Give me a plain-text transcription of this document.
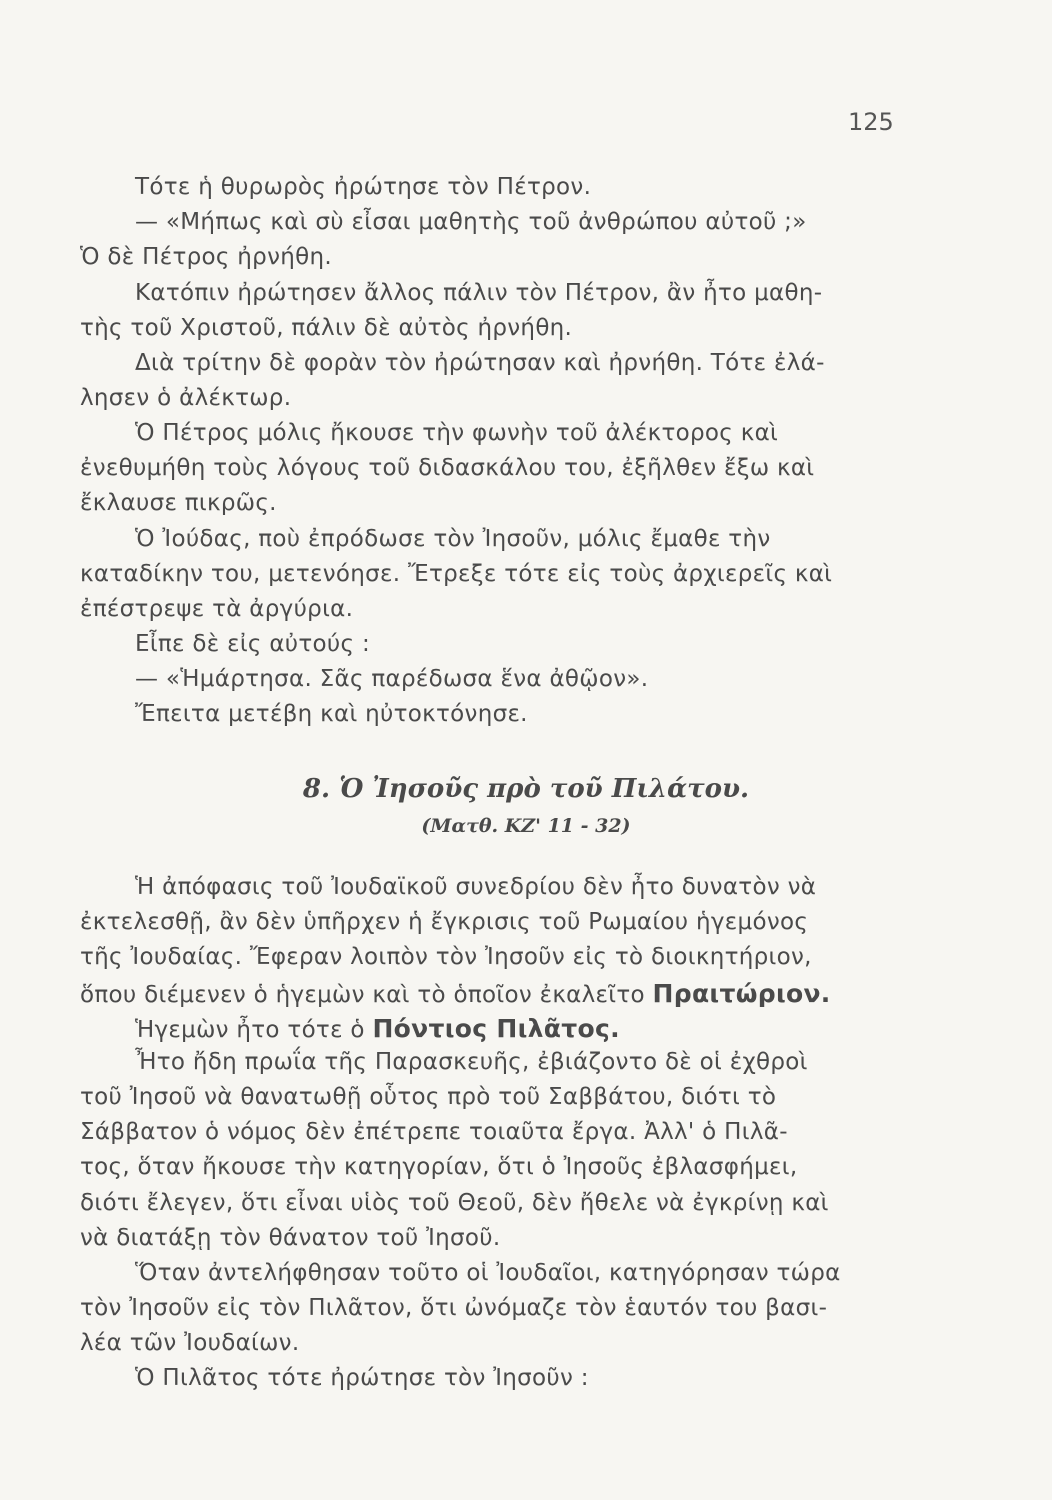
125
Τότε ἡ θυρωρὸς ἠρώτησε τὸν Πέτρον.
— «Μήπως καὶ σὺ εἶσαι μαθητὴς τοῦ ἀνθρώπου αὐτοῦ ;»
Ὁ δὲ Πέτρος ἠρνήθη.
Κατόπιν ἠρώτησεν ἄλλος πάλιν τὸν Πέτρον, ἂν ἦτο μαθη-
τὴς τοῦ Χριστοῦ, πάλιν δὲ αὐτὸς ἠρνήθη.
Διὰ τρίτην δὲ φορὰν τὸν ἠρώτησαν καὶ ἠρνήθη. Τότε ἐλά-
λησεν ὁ ἀλέκτωρ.
Ὁ Πέτρος μόλις ἤκουσε τὴν φωνὴν τοῦ ἀλέκτορος καὶ
ἐνεθυμήθη τοὺς λόγους τοῦ διδασκάλου του, ἐξῆλθεν ἔξω καὶ
ἔκλαυσε πικρῶς.
Ὁ Ἰούδας, ποὺ ἐπρόδωσε τὸν Ἰησοῦν, μόλις ἔμαθε τὴν
καταδίκην του, μετενόησε. Ἔτρεξε τότε εἰς τοὺς ἀρχιερεῖς καὶ
ἐπέστρεψε τὰ ἀργύρια.
Εἶπε δὲ εἰς αὐτούς :
— «Ἡμάρτησα. Σᾶς παρέδωσα ἕνα ἀθῷον».
Ἔπειτα μετέβη καὶ ηὐτοκτόνησε.
8. Ὁ Ἰησοῦς πρὸ τοῦ Πιλάτου.
(Ματθ. ΚΖ' 11 - 32)
Ἡ ἀπόφασις τοῦ Ἰουδαϊκοῦ συνεδρίου δὲν ἦτο δυνατὸν νὰ
ἐκτελεσθῇ, ἂν δὲν ὑπῆρχεν ἡ ἔγκρισις τοῦ Ρωμαίου ἡγεμόνος
τῆς Ἰουδαίας. Ἔφεραν λοιπὸν τὸν Ἰησοῦν εἰς τὸ διοικητήριον,
ὅπου διέμενεν ὁ ἡγεμὼν καὶ τὸ ὁποῖον ἐκαλεῖτο Πραιτώριον.
Ἡγεμὼν ἦτο τότε ὁ Πόντιος Πιλᾶτος.
Ἦτο ἤδη πρωΐα τῆς Παρασκευῆς, ἐβιάζοντο δὲ οἱ ἐχθροὶ
τοῦ Ἰησοῦ νὰ θανατωθῇ οὗτος πρὸ τοῦ Σαββάτου, διότι τὸ
Σάββατον ὁ νόμος δὲν ἐπέτρεπε τοιαῦτα ἔργα. Ἀλλ' ὁ Πιλᾶ-
τος, ὅταν ἤκουσε τὴν κατηγορίαν, ὅτι ὁ Ἰησοῦς ἐβλασφήμει,
διότι ἔλεγεν, ὅτι εἶναι υἱὸς τοῦ Θεοῦ, δὲν ἤθελε νὰ ἐγκρίνῃ καὶ
νὰ διατάξῃ τὸν θάνατον τοῦ Ἰησοῦ.
Ὅταν ἀντελήφθησαν τοῦτο οἱ Ἰουδαῖοι, κατηγόρησαν τώρα
τὸν Ἰησοῦν εἰς τὸν Πιλᾶτον, ὅτι ὠνόμαζε τὸν ἑαυτόν του βασι-
λέα τῶν Ἰουδαίων.
Ὁ Πιλᾶτος τότε ἠρώτησε τὸν Ἰησοῦν :
